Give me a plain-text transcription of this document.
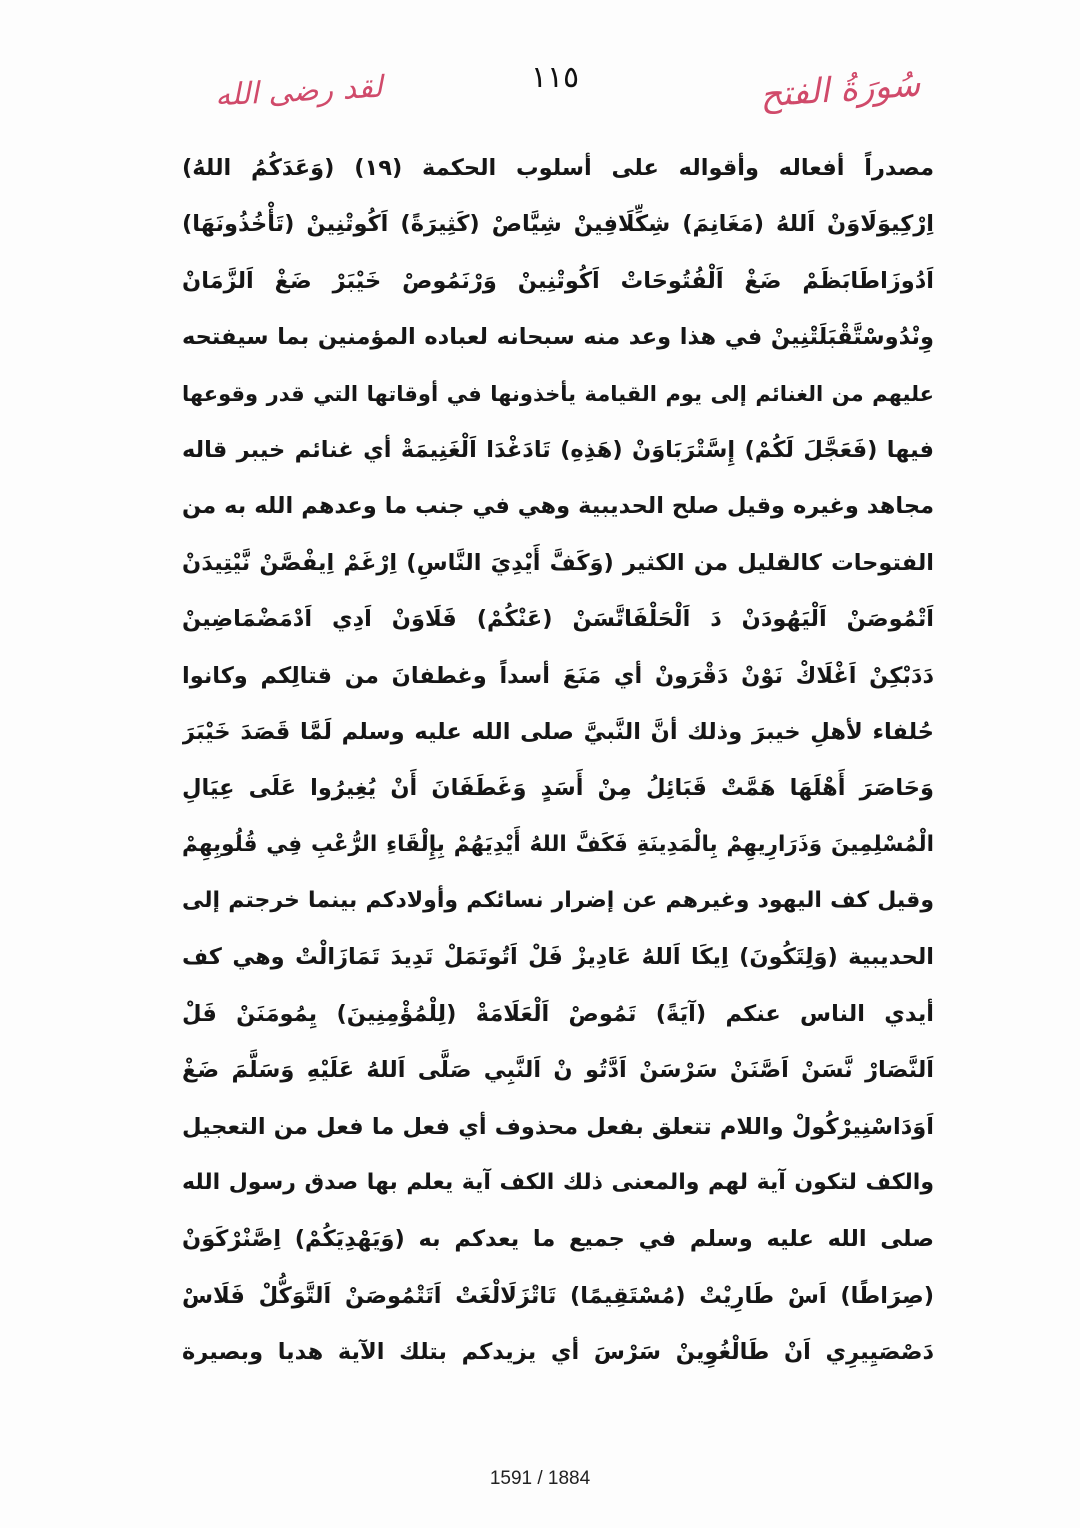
سُورَةُ الفتح
١١٥
لقد رضى الله
مصدراً أفعاله وأقواله على أسلوب الحكمة (١٩) (وَعَدَكُمُ اللهُ)
اِرْكِيوَلَاوَنْ اَللهُ (مَغَانِمَ) شِكِّلَافِينْ شِيَّاصْ (كَثِيرَةً) اَكُوتْنِينْ (تَأْخُذُونَهَا)
اَدُوزَاطَابَظَمْ ضَغْ اَلْفُتُوحَاتْ اَكُوتْنِينْ وَرْنَمُوصْ خَيْبَرْ ضَغْ اَلزَّمَانْ
وِنْدُوسْتَّقْبَلَتْنِينْ في هذا وعد منه سبحانه لعباده المؤمنين بما سيفتحه
عليهم من الغنائم إلى يوم القيامة يأخذونها في أوقاتها التي قدر وقوعها
فيها (فَعَجَّلَ لَكُمْ) إِسَّتْرَبَاوَنْ (هَذِهِ) تَادَغْدَا اَلْغَنِيمَةْ أي غنائم خيبر قاله
مجاهد وغيره وقيل صلح الحديبية وهي في جنب ما وعدهم الله به من
الفتوحات كالقليل من الكثير (وَكَفَّ أَيْدِيَ النَّاسِ) اِرْغَمْ اِيفْصَّنْ نَّيْتِيدَنْ
اَتْمُوصَنْ اَلْيَهُودَنْ دَ اَلْحَلْفَاتَّسَنْ (عَنْكُمْ) فَلَاوَنْ اَدِي اَدْمَضْمَاضِينْ
دَدَبْكِنْ اَغْلَاكْ نَوْنْ دَقْرَونْ أي مَنَعَ أسداً وغطفانَ من قتالِكم وكانوا
حُلفاء لأهلِ خيبرَ وذلك أنَّ النَّبيَّ صلى الله عليه وسلم لَمَّا قَصَدَ خَيْبَرَ
وَحَاصَرَ أَهْلَهَا هَمَّتْ قَبَائِلُ مِنْ أَسَدٍ وَغَطَفَانَ أَنْ يُغِيرُوا عَلَى عِيَالِ
الْمُسْلِمِينَ وَذَرَارِيهِمْ بِالْمَدِينَةِ فَكَفَّ اللهُ أَيْدِيَهُمْ بِإِلْقَاءِ الرُّعْبِ فِي قُلُوبِهِمْ
وقيل كف اليهود وغيرهم عن إضرار نسائكم وأولادكم بينما خرجتم إلى
الحديبية (وَلِتَكُونَ) اِيكَا اَللهُ عَادِيزْ فَلْ اَتُوتَمَلْ تَدِيدَ تَمَازَالْتْ وهي كف
أيدي الناس عنكم (آيَةً) تَمُوصْ اَلْعَلَامَةْ (لِلْمُؤْمِنِينَ) يِمُومَنَنْ فَلْ
اَلنَّصَارْ نَّسَنْ اَصَّنَنْ سَرْسَنْ اَدَّتُو نْ اَلنَّبِي صَلَّى اَللهُ عَلَيْهِ وَسَلَّمَ ضَغْ
اَوَدَاسْنِيرْكُولْ واللام تتعلق بفعل محذوف أي فعل ما فعل من التعجيل
والكف لتكون آية لهم والمعنى ذلك الكف آية يعلم بها صدق رسول الله
صلى الله عليه وسلم في جميع ما يعدكم به (وَيَهْدِيَكُمْ) اِصَّنْرْكَوَنْ
(صِرَاطًا) اَسْ طَارِيْتْ (مُسْتَقِيمًا) تَاتْزَلَالْغَتْ اَتَتْمُوصَنْ اَلتَّوَكُّلْ فَلَاسْ
دَصْصَيِيرِي اَنْ طَالْغُوِينْ سَرْسَ أي يزيدكم بتلك الآية هديا وبصيرة
1591 / 1884
